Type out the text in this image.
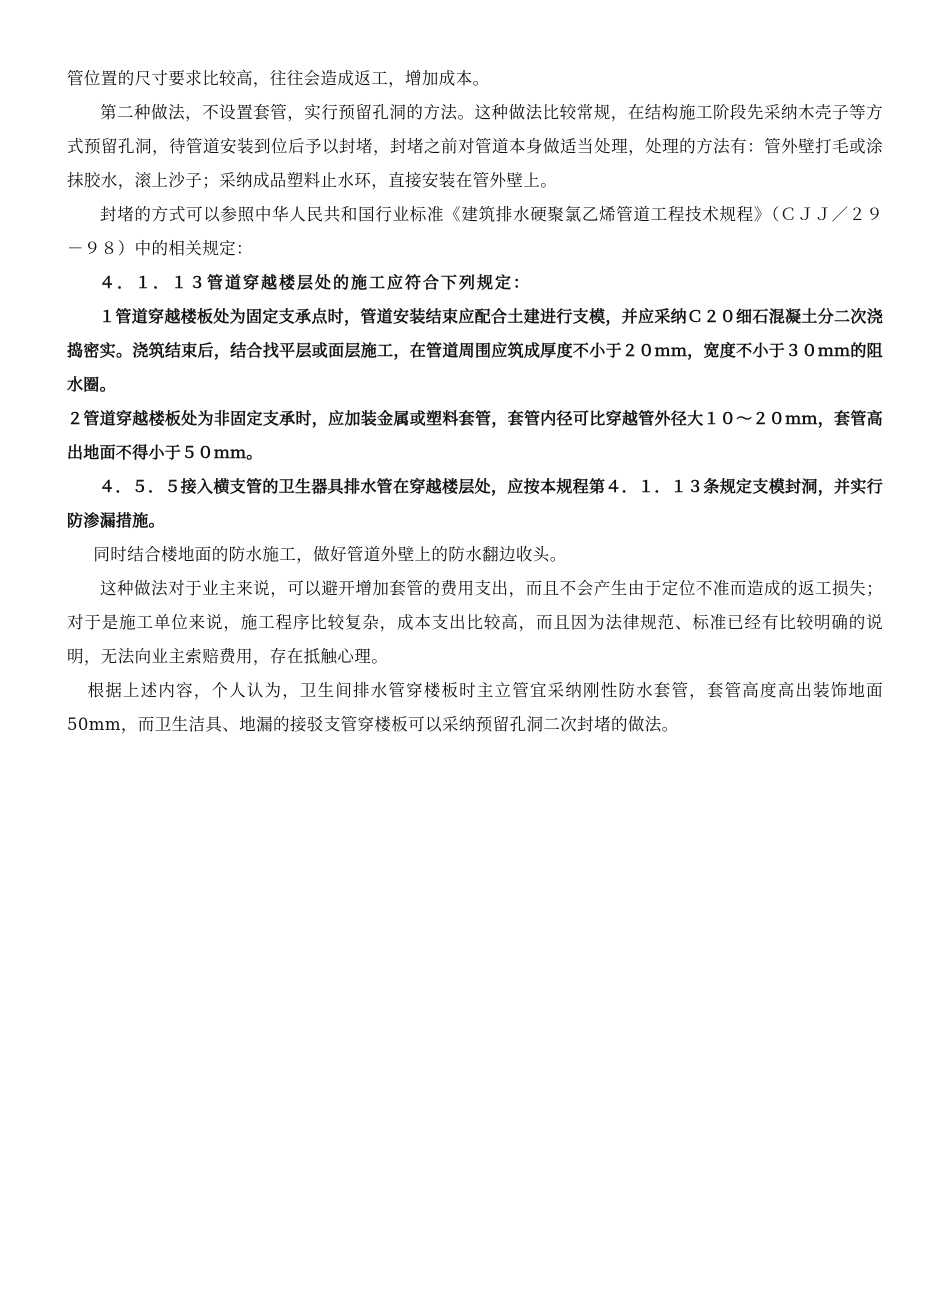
管位置的尺寸要求比较高，往往会造成返工，增加成本。

第二种做法，不设置套管，实行预留孔洞的方法。这种做法比较常规，在结构施工阶段先采纳木壳子等方式预留孔洞，待管道安装到位后予以封堵，封堵之前对管道本身做适当处理，处理的方法有：管外壁打毛或涂抹胶水，滚上沙子；采纳成品塑料止水环，直接安装在管外壁上。

封堵的方式可以参照中华人民共和国行业标准《建筑排水硬聚氯乙烯管道工程技术规程》（ＣＪＪ／２９－９８）中的相关规定：

４．１．１３管道穿越楼层处的施工应符合下列规定：

１管道穿越楼板处为固定支承点时，管道安装结束应配合土建进行支模，并应采纳Ｃ２０细石混凝土分二次浇捣密实。浇筑结束后，结合找平层或面层施工，在管道周围应筑成厚度不小于２０ｍｍ，宽度不小于３０ｍｍ的阻水圈。

２管道穿越楼板处为非固定支承时，应加装金属或塑料套管，套管内径可比穿越管外径大１０～２０ｍｍ，套管高出地面不得小于５０ｍｍ。

４．５．５接入横支管的卫生器具排水管在穿越楼层处，应按本规程第４．１．１３条规定支模封洞，并实行防渗漏措施。

同时结合楼地面的防水施工，做好管道外壁上的防水翻边收头。

这种做法对于业主来说，可以避开增加套管的费用支出，而且不会产生由于定位不准而造成的返工损失；对于是施工单位来说，施工程序比较复杂，成本支出比较高，而且因为法律规范、标准已经有比较明确的说明，无法向业主索赔费用，存在抵触心理。

根据上述内容，个人认为，卫生间排水管穿楼板时主立管宜采纳刚性防水套管，套管高度高出装饰地面50mm，而卫生洁具、地漏的接驳支管穿楼板可以采纳预留孔洞二次封堵的做法。
